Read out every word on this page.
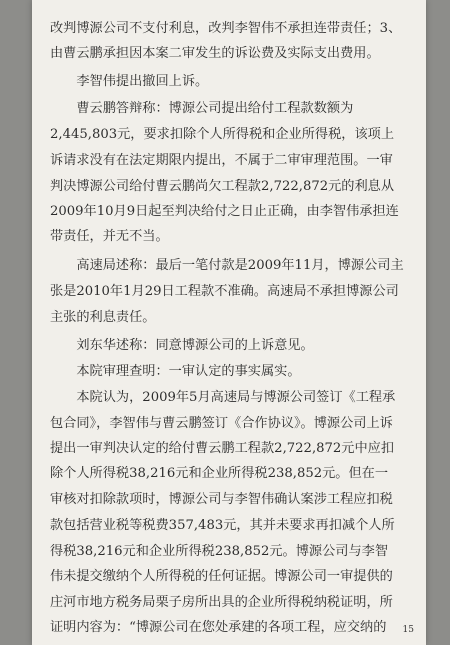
改判博源公司不支付利息，改判李智伟不承担连带责任；3、
由曹云鹏承担因本案二审发生的诉讼费及实际支出费用。
　　李智伟提出撤回上诉。
　　曹云鹏答辩称：博源公司提出给付工程款数额为
2,445,803元，要求扣除个人所得税和企业所得税，该项上
诉请求没有在法定期限内提出，不属于二审审理范围。一审
判决博源公司给付曹云鹏尚欠工程款2,722,872元的利息从
2009年10月9日起至判决给付之日止正确，由李智伟承担连
带责任，并无不当。
　　高速局述称：最后一笔付款是2009年11月，博源公司主
张是2010年1月29日工程款不准确。高速局不承担博源公司
主张的利息责任。
　　刘东华述称：同意博源公司的上诉意见。
　　本院审理查明：一审认定的事实属实。
　　本院认为，2009年5月高速局与博源公司签订《工程承
包合同》，李智伟与曹云鹏签订《合作协议》。博源公司上诉
提出一审判决认定的给付曹云鹏工程款2,722,872元中应扣
除个人所得税38,216元和企业所得税238,852元。但在一
审核对扣除款项时，博源公司与李智伟确认案涉工程应扣税
款包括营业税等税费357,483元，其并未要求再扣减个人所
得税38,216元和企业所得税238,852元。博源公司与李智
伟未提交缴纳个人所得税的任何证据。博源公司一审提供的
庄河市地方税务局栗子房所出具的企业所得税纳税证明，所
证明内容为：“博源公司在您处承建的各项工程，应交纳的	15
